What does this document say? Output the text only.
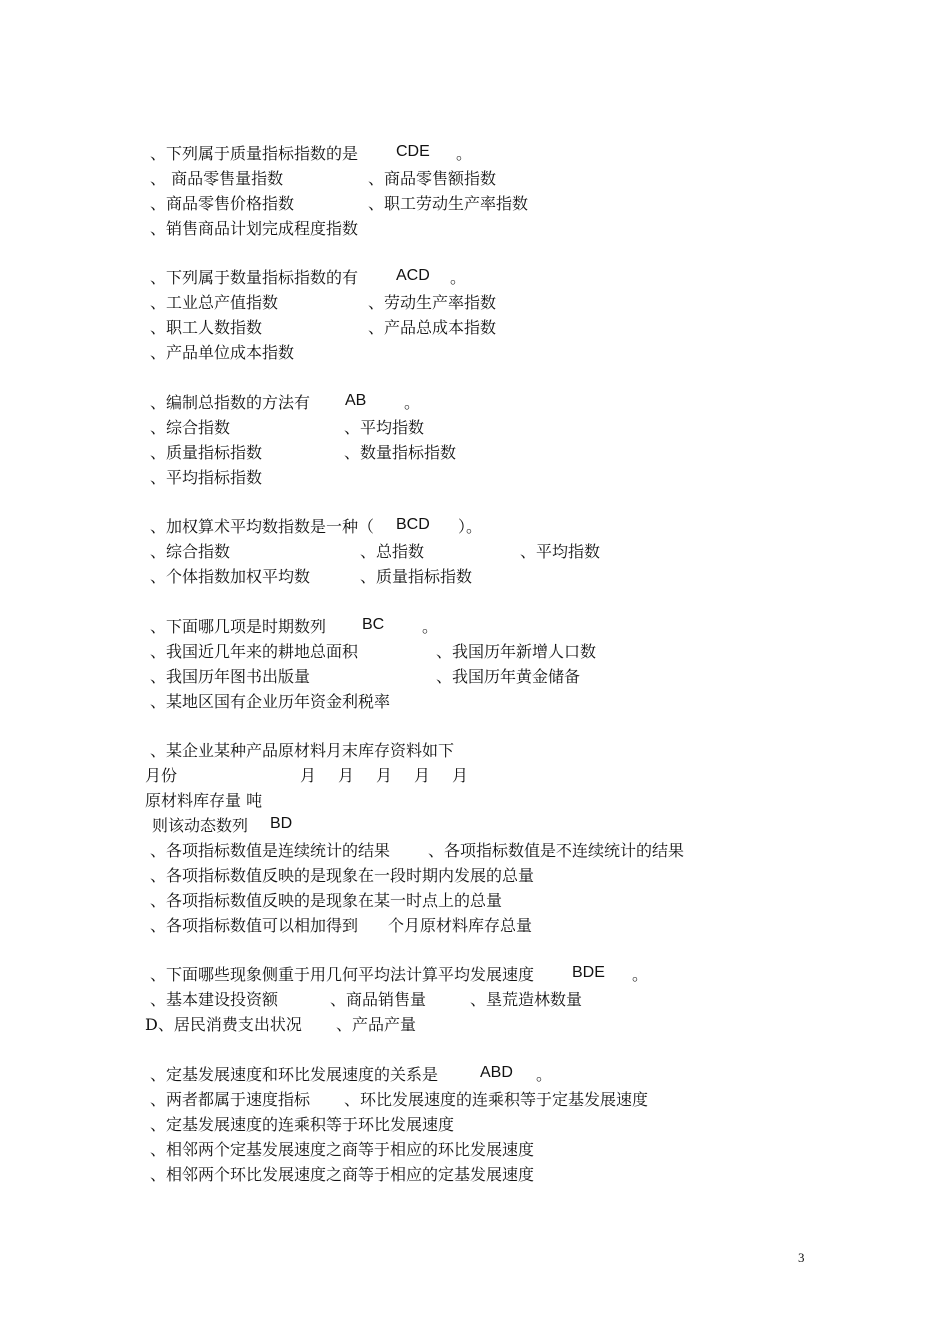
、下列属于质量指标指数的是 CDE 。
、 商品零售量指数	、商品零售额指数
、商品零售价格指数	、职工劳动生产率指数
、销售商品计划完成程度指数
、下列属于数量指标指数的有 ACD 。
、工业总产值指数	、劳动生产率指数
、职工人数指数	、产品总成本指数
、产品单位成本指数
、编制总指数的方法有 AB 。
、综合指数	、平均指数
、质量指标指数	、数量指标指数
、平均指标指数
、加权算术平均数指数是一种（ BCD ）。
、综合指数	、总指数	、平均指数
、个体指数加权平均数	、质量指标指数
、下面哪几项是时期数列 BC 。
、我国近几年来的耕地总面积	、我国历年新增人口数
、我国历年图书出版量	、我国历年黄金储备
、某地区国有企业历年资金利税率
、某企业某种产品原材料月末库存资料如下
月份	月 月 月 月 月
原材料库存量 吨
则该动态数列 BD
、各项指标数值是连续统计的结果 、各项指标数值是不连续统计的结果
、各项指标数值反映的是现象在一段时期内发展的总量
、各项指标数值反映的是现象在某一时点上的总量
、各项指标数值可以相加得到 个月原材料库存总量
、下面哪些现象侧重于用几何平均法计算平均发展速度 BDE 。
、基本建设投资额	、商品销售量	、垦荒造林数量
D、居民消费支出状况 、产品产量
、定基发展速度和环比发展速度的关系是	ABD 。
、两者都属于速度指标 、环比发展速度的连乘积等于定基发展速度
、定基发展速度的连乘积等于环比发展速度
、相邻两个定基发展速度之商等于相应的环比发展速度
、相邻两个环比发展速度之商等于相应的定基发展速度
3
